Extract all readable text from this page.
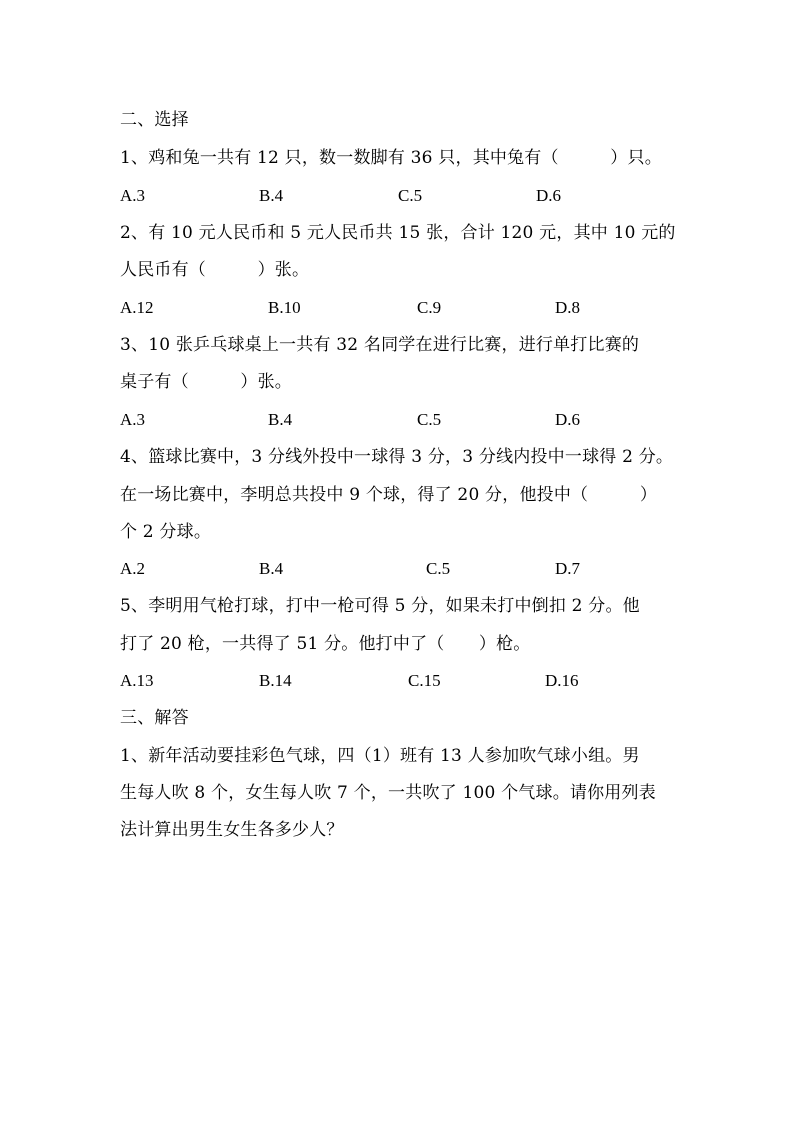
二、选择
1、鸡和兔一共有 12 只，数一数脚有 36 只，其中兔有（　　　）只。
A.3	B.4	C.5	D.6
2、有 10 元人民币和 5 元人民币共 15 张，合计 120 元，其中 10 元的
人民币有（　　　）张。
A.12	B.10	C.9	D.8
3、10 张乒乓球桌上一共有 32 名同学在进行比赛，进行单打比赛的
桌子有（　　　）张。
A.3	B.4	C.5	D.6
4、篮球比赛中，3 分线外投中一球得 3 分，3 分线内投中一球得 2 分。
在一场比赛中，李明总共投中 9 个球，得了 20 分，他投中（　　　）
个 2 分球。
A.2	B.4	C.5	D.7
5、李明用气枪打球，打中一枪可得 5 分，如果未打中倒扣 2 分。他
打了 20 枪，一共得了 51 分。他打中了（　　）枪。
A.13	B.14	C.15	D.16
三、解答
1、新年活动要挂彩色气球，四（1）班有 13 人参加吹气球小组。男
生每人吹 8 个，女生每人吹 7 个，一共吹了 100 个气球。请你用列表
法计算出男生女生各多少人？
